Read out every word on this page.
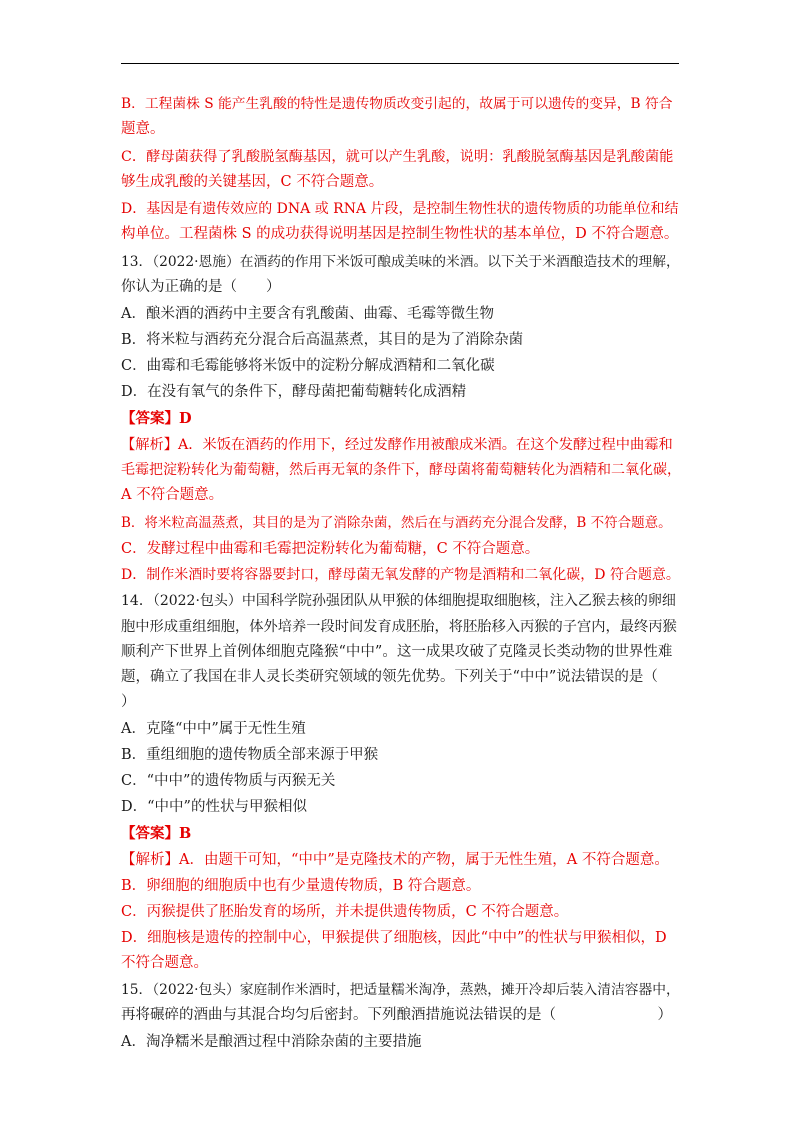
B．工程菌株 S 能产生乳酸的特性是遗传物质改变引起的，故属于可以遗传的变异，B 符合
题意。
C．酵母菌获得了乳酸脱氢酶基因，就可以产生乳酸，说明：乳酸脱氢酶基因是乳酸菌能
够生成乳酸的关键基因，C 不符合题意。
D．基因是有遗传效应的 DNA 或 RNA 片段，是控制生物性状的遗传物质的功能单位和结
构单位。工程菌株 S 的成功获得说明基因是控制生物性状的基本单位，D 不符合题意。
13．（2022·恩施）在酒药的作用下米饭可酿成美味的米酒。以下关于米酒酿造技术的理解，
你认为正确的是（　　）
A．酿米酒的酒药中主要含有乳酸菌、曲霉、毛霉等微生物
B．将米粒与酒药充分混合后高温蒸煮，其目的是为了消除杂菌
C．曲霉和毛霉能够将米饭中的淀粉分解成酒精和二氧化碳
D．在没有氧气的条件下，酵母菌把葡萄糖转化成酒精
【答案】D
【解析】A．米饭在酒药的作用下，经过发酵作用被酿成米酒。在这个发酵过程中曲霉和
毛霉把淀粉转化为葡萄糖，然后再无氧的条件下，酵母菌将葡萄糖转化为酒精和二氧化碳，
A 不符合题意。
B．将米粒高温蒸煮，其目的是为了消除杂菌，然后在与酒药充分混合发酵，B 不符合题意。
C．发酵过程中曲霉和毛霉把淀粉转化为葡萄糖，C 不符合题意。
D．制作米酒时要将容器要封口，酵母菌无氧发酵的产物是酒精和二氧化碳，D 符合题意。
14．（2022·包头）中国科学院孙强团队从甲猴的体细胞提取细胞核，注入乙猴去核的卵细
胞中形成重组细胞，体外培养一段时间发育成胚胎，将胚胎移入丙猴的子宫内，最终丙猴
顺利产下世界上首例体细胞克隆猴“中中”。这一成果攻破了克隆灵长类动物的世界性难
题，确立了我国在非人灵长类研究领域的领先优势。下列关于“中中”说法错误的是（
）
A．克隆“中中”属于无性生殖
B．重组细胞的遗传物质全部来源于甲猴
C．“中中”的遗传物质与丙猴无关
D．“中中”的性状与甲猴相似
【答案】B
【解析】A．由题干可知，“中中”是克隆技术的产物，属于无性生殖，A 不符合题意。
B．卵细胞的细胞质中也有少量遗传物质，B 符合题意。
C．丙猴提供了胚胎发育的场所，并未提供遗传物质，C 不符合题意。
D．细胞核是遗传的控制中心，甲猴提供了细胞核，因此“中中”的性状与甲猴相似，D
不符合题意。
15．（2022·包头）家庭制作米酒时，把适量糯米淘净，蒸熟，摊开冷却后装入清洁容器中，
再将碾碎的酒曲与其混合均匀后密封。下列酿酒措施说法错误的是（　　　　　　　）
A．淘净糯米是酿酒过程中消除杂菌的主要措施
